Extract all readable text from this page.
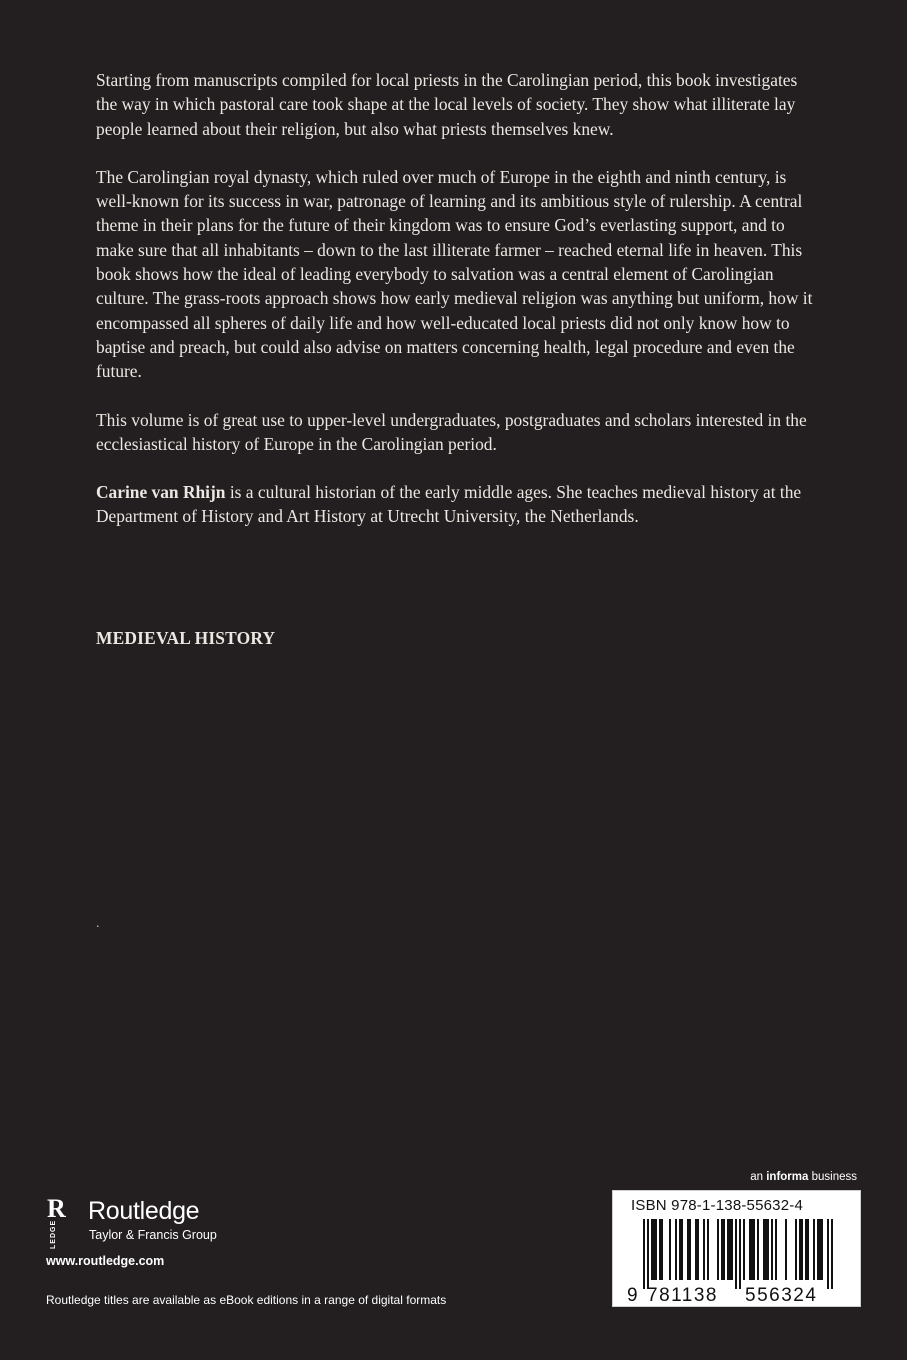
Starting from manuscripts compiled for local priests in the Carolingian period, this book investigates the way in which pastoral care took shape at the local levels of society. They show what illiterate lay people learned about their religion, but also what priests themselves knew.

The Carolingian royal dynasty, which ruled over much of Europe in the eighth and ninth century, is well-known for its success in war, patronage of learning and its ambitious style of rulership. A central theme in their plans for the future of their kingdom was to ensure God’s everlasting support, and to make sure that all inhabitants – down to the last illiterate farmer – reached eternal life in heaven. This book shows how the ideal of leading everybody to salvation was a central element of Carolingian culture. The grass-roots approach shows how early medieval religion was anything but uniform, how it encompassed all spheres of daily life and how well-educated local priests did not only know how to baptise and preach, but could also advise on matters concerning health, legal procedure and even the future.

This volume is of great use to upper-level undergraduates, postgraduates and scholars interested in the ecclesiastical history of Europe in the Carolingian period.

Carine van Rhijn is a cultural historian of the early middle ages. She teaches medieval history at the Department of History and Art History at Utrecht University, the Netherlands.

MEDIEVAL HISTORY
.
R
LEDGE
Routledge
Taylor & Francis Group
www.routledge.com
Routledge titles are available as eBook editions in a range of digital formats
an informa business
ISBN 978-1-138-55632-4
9 781138 556324
